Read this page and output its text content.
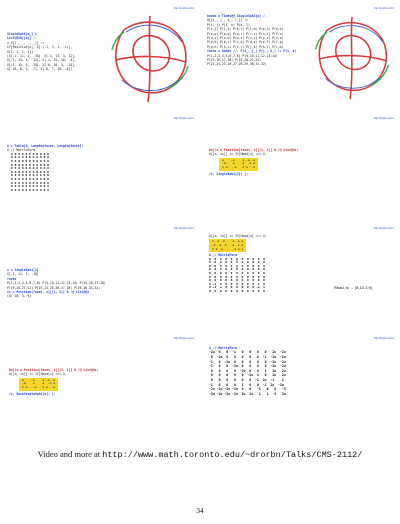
http://drorbn.net/mi
SingleXphi[a_] =
List@@XX[[a]] /.
x_X[(_, _, _, _)] :=
If[Positive[x], X[-(-1, 3, 1, -1)],
X[1, 1, 1, 1]]
(X[-1, 11, 2, -10], X[-1, 13, 3, 12],
X[-1, 13, 4, -12], X[-1, 15, 16, -4],
X[-1, 15, 6, -14], X[-6, 16, 5, -15],
X[-16, 8, 1, -7], X[-8, 7, 18, -6])
http://drorbn.net/mi
bands = Times@@ SingleXphi[a] /.
X[{i_, j_, k_, l_}] :=
P(i, j) P(j, k) P(k, l)
P(i,j) P(j,k) P(k,l) P(l,m) P(m,n) P(n,o)
P(o,p) P(p,q) P(q,r) P(r,s) P(s,t) P(t,u)
P(u,v) P(v,w) P(w,x) P(x,y) P(y,z) P(z,a)
P(a,b) P(b,c) P(c,d) P(d,e) P(e,f) P(f,g)
P(g,h) P(h,i) P(i,j) P(j,k) P(k,l) P(l,m)
faces = bands //. P(i_, j_) P(j_, k_) :> P(i, k)
P(1,2,3,4,5,6,7,8) P(9,10,11,12,13,14)
P(15,16,17,18) P(19,20,21,22)
P(23,24,25,26,27,28,29,30,31,32)
http://drorbn.net/mi
A = Table[0, Length@faces, Length@faces];
A // MatrixForm
0 0 0 0 0 0 0 0 0 0 0
0 0 0 0 0 0 0 0 0 0 0
0 0 0 0 0 0 0 0 0 0 0
0 0 0 0 0 0 0 0 0 0 0
0 0 0 0 0 0 0 0 0 0 0
0 0 0 0 0 0 0 0 0 0 0
0 0 0 0 0 0 0 0 0 0 0
0 0 0 0 0 0 0 0 0 0 0
0 0 0 0 0 0 0 0 0 0 0
0 0 0 0 0 0 0 0 0 0 0
0 0 0 0 0 0 0 0 0 0 0
http://drorbn.net/mi
Do[(a = Position[faces, x][[1, 1]] & /@ List@@x;
A[[a, is]] += If[Head[x] === X,
a    -a
-a    a
1 a   -a

1 -a  a
a  -1 a
1 a  -a
(x, SingleXphi[2]) ];
http://drorbn.net/mi
x = SingleXphi[1]
X[-1, 11, 2, -10]
faces
P(1,2,3,4,5,6,7,8) P(9,10,11,12,13,14) P(15,16,17,18)
P(19,20,21,22) P(23,24,25,26,27,28) P(29,30,31,32)
is = Position[faces, x][[1, 1]] & /@ List@@x
(8, 10, 3, 9)
http://drorbn.net/mi
A[[a, is]] += If[Head[x] === X,
1  a -a
-1  a  1
1 a -a

1 -a a
a -1 a
-1 a a
A // MatrixForm
0  0  0  0  0  0  0  0  0  0  0
0  0  0  0  0  0  0  0  0  0  0
0  0  0  0  0  0  0  0  0  0  0
0  0  0  0  0  0  0  0  0  0  0
0  0  0  0  0  0  0  0  0  0  0
0  0  0  0  0  0  0  0  0  0  0
0  0  0  0  0  0  0  0  0  0  0
0 -1  0  0  0  0  0  0  0  1  0
0 -1  a  0  0  0  0  0  0 -a  1
0  0  0  0  0  0  0  0  0  0  0
Read, is → (8,10,3,9)
http://drorbn.net/mi
Do[(a = Position[faces, x][[1, 1]] & /@ List@@x;
A[[a, is]] += If[Head[x] === X,
a    -a
-a    a
1 a   -a

1 -a  a
a  -1 a
1 a  -a
(x, EachSingleXphi[a]) ];
http://drorbn.net/mi
A // MatrixForm
-2u  0   0  -1   0   0   0   0   2u  -2u
0  -2u  0   0   0   0   0  -1  -2u  -2u
-1   0  -2u  0   0   0   0   0  -2u  -2u
-1   0   0  -2u  0   0   0   0  -2u  -2u
0   0   0   0  -2u  0   0   1   2u   2u
0   0   0   0   0  -2u  1   0   2u   2u
0   0   0   0   0   0  -1  2u  -1    1
-1   0   0   0   1   0   0  -1  2u  -2u
-2u -2u -2u -2u  0   0   -1   0   6   -5
-2u -2u -2u -2u  2u  2u   1   1  -5   2u
Video and more at http://www.math.toronto.edu/~drorbn/Talks/CMS-2112/
34
